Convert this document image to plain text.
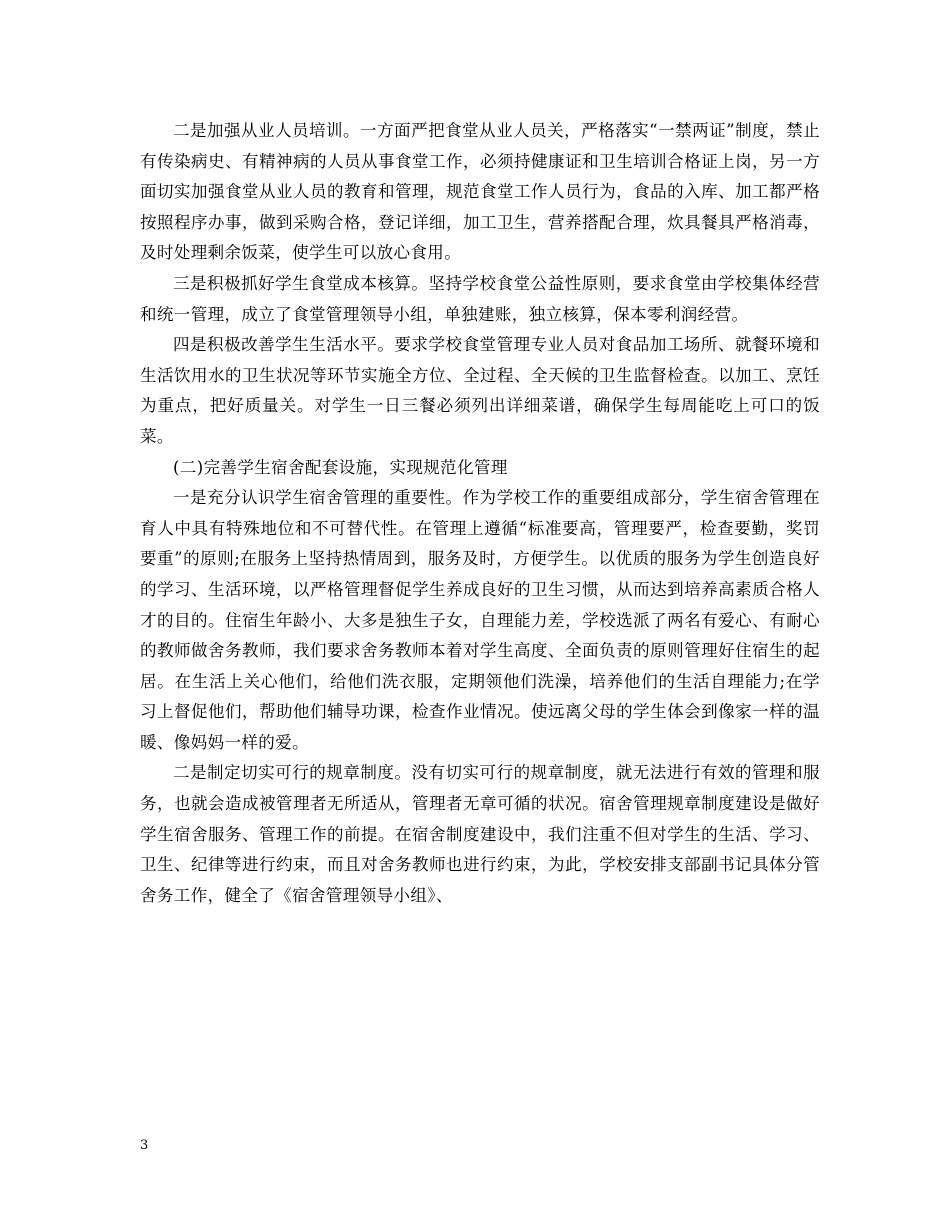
二是加强从业人员培训。一方面严把食堂从业人员关，严格落实“一禁两证”制度，禁止有传染病史、有精神病的人员从事食堂工作，必须持健康证和卫生培训合格证上岗，另一方面切实加强食堂从业人员的教育和管理，规范食堂工作人员行为，食品的入库、加工都严格按照程序办事，做到采购合格，登记详细，加工卫生，营养搭配合理，炊具餐具严格消毒，及时处理剩余饭菜，使学生可以放心食用。

三是积极抓好学生食堂成本核算。坚持学校食堂公益性原则，要求食堂由学校集体经营和统一管理，成立了食堂管理领导小组，单独建账，独立核算，保本零利润经营。

四是积极改善学生生活水平。要求学校食堂管理专业人员对食品加工场所、就餐环境和生活饮用水的卫生状况等环节实施全方位、全过程、全天候的卫生监督检查。以加工、烹饪为重点，把好质量关。对学生一日三餐必须列出详细菜谱，确保学生每周能吃上可口的饭菜。

(二)完善学生宿舍配套设施，实现规范化管理

一是充分认识学生宿舍管理的重要性。作为学校工作的重要组成部分，学生宿舍管理在育人中具有特殊地位和不可替代性。在管理上遵循“标准要高，管理要严，检查要勤，奖罚要重”的原则;在服务上坚持热情周到，服务及时，方便学生。以优质的服务为学生创造良好的学习、生活环境，以严格管理督促学生养成良好的卫生习惯，从而达到培养高素质合格人才的目的。住宿生年龄小、大多是独生子女，自理能力差，学校选派了两名有爱心、有耐心的教师做舍务教师，我们要求舍务教师本着对学生高度、全面负责的原则管理好住宿生的起居。在生活上关心他们，给他们洗衣服，定期领他们洗澡，培养他们的生活自理能力;在学习上督促他们，帮助他们辅导功课，检查作业情况。使远离父母的学生体会到像家一样的温暖、像妈妈一样的爱。

二是制定切实可行的规章制度。没有切实可行的规章制度，就无法进行有效的管理和服务，也就会造成被管理者无所适从，管理者无章可循的状况。宿舍管理规章制度建设是做好学生宿舍服务、管理工作的前提。在宿舍制度建设中，我们注重不但对学生的生活、学习、卫生、纪律等进行约束，而且对舍务教师也进行约束，为此，学校安排支部副书记具体分管舍务工作，健全了《宿舍管理领导小组》、

3
